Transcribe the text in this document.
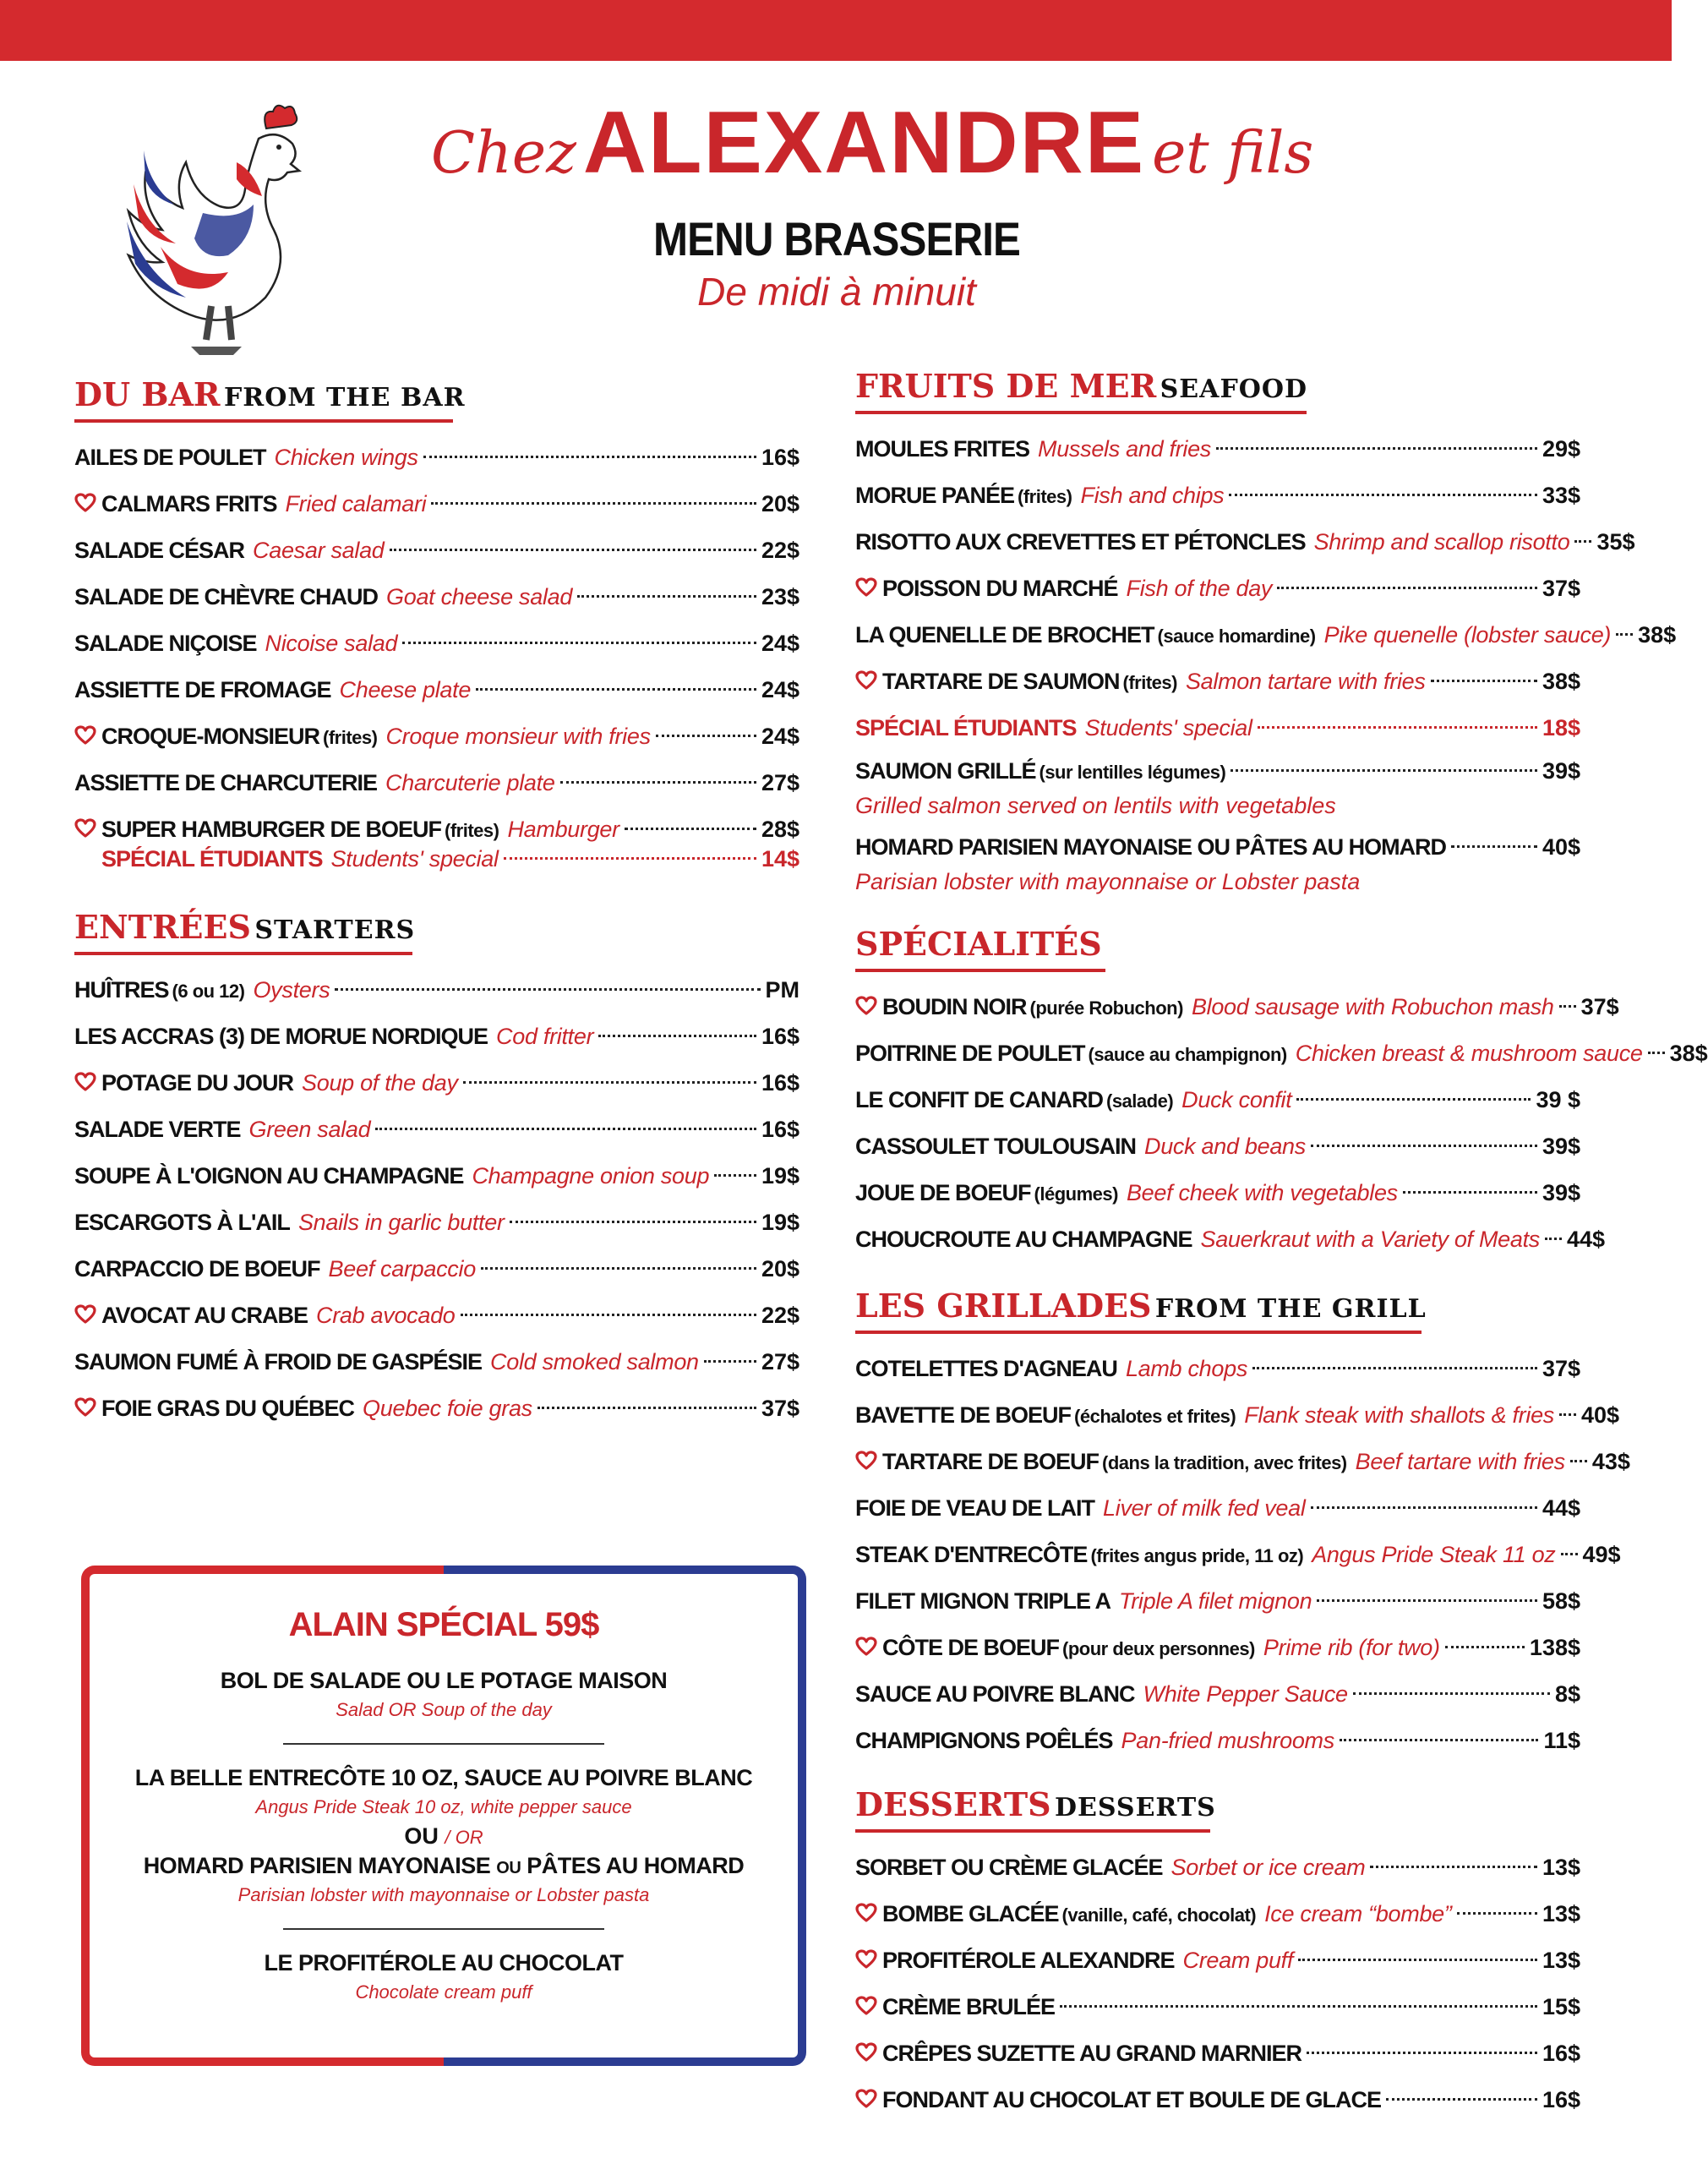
ChezALEXANDRE et fils
MENU BRASSERIE
De midi à minuit
DU BAR FROM THE BAR
AILES DE POULET Chicken wings	16$
CALMARS FRITS Fried calamari	20$
SALADE CÉSAR Caesar salad	22$
SALADE DE CHÈVRE CHAUD Goat cheese salad	23$
SALADE NIÇOISE Nicoise salad	24$
ASSIETTE DE FROMAGE Cheese plate	24$
CROQUE-MONSIEUR (frites) Croque monsieur with fries	24$
ASSIETTE DE CHARCUTERIE Charcuterie plate	27$
SUPER HAMBURGER DE BOEUF (frites) Hamburger	28$
SPÉCIAL ÉTUDIANTS Students' special	14$
ENTRÉES STARTERS
HUÎTRES (6 ou 12) Oysters	PM
LES ACCRAS (3) DE MORUE NORDIQUE Cod fritter	16$
POTAGE DU JOUR Soup of the day	16$
SALADE VERTE Green salad	16$
SOUPE À L'OIGNON AU CHAMPAGNE Champagne onion soup 19$
ESCARGOTS À L'AIL Snails in garlic butter	19$
CARPACCIO DE BOEUF Beef carpaccio	20$
AVOCAT AU CRABE Crab avocado	22$
SAUMON FUMÉ À FROID DE GASPÉSIE Cold smoked salmon	27$
FOIE GRAS DU QUÉBEC Quebec foie gras	37$
FRUITS DE MER SEAFOOD
MOULES FRITES Mussels and fries	29$
MORUE PANÉE (frites) Fish and chips	33$
RISOTTO AUX CREVETTES ET PÉTONCLES Shrimp and scallop risotto 35$
POISSON DU MARCHÉ Fish of the day	37$
LA QUENELLE DE BROCHET (sauce homardine) Pike quenelle (lobster sauce) 38$
TARTARE DE SAUMON (frites) Salmon tartare with fries	38$
SPÉCIAL ÉTUDIANTS Students' special	18$
SAUMON GRILLÉ (sur lentilles légumes)	39$
Grilled salmon served on lentils with vegetables
HOMARD PARISIEN MAYONAISE OU PÂTES AU HOMARD	40$
Parisian lobster with mayonnaise or Lobster pasta
SPÉCIALITÉS
BOUDIN NOIR (purée Robuchon) Blood sausage with Robuchon mash 37$
POITRINE DE POULET (sauce au champignon) Chicken breast & mushroom sauce 38$
LE CONFIT DE CANARD (salade) Duck confit	39 $
CASSOULET TOULOUSAIN Duck and beans	39$
JOUE DE BOEUF (légumes) Beef cheek with vegetables	39$
CHOUCROUTE AU CHAMPAGNE Sauerkraut with a Variety of Meats 44$
LES GRILLADES FROM THE GRILL
COTELETTES D'AGNEAU Lamb chops	37$
BAVETTE DE BOEUF (échalotes et frites) Flank steak with shallots & fries 40$
TARTARE DE BOEUF (dans la tradition, avec frites) Beef tartare with fries 43$
FOIE DE VEAU DE LAIT Liver of milk fed veal	44$
STEAK D'ENTRECÔTE (frites angus pride, 11 oz) Angus Pride Steak 11 oz 49$
FILET MIGNON TRIPLE A Triple A filet mignon	58$
CÔTE DE BOEUF (pour deux personnes) Prime rib (for two)	138$
SAUCE AU POIVRE BLANC White Pepper Sauce	8$
CHAMPIGNONS POÊLÉS Pan-fried mushrooms	11$
DESSERTS DESSERTS
SORBET OU CRÈME GLACÉE Sorbet or ice cream	13$
BOMBE GLACÉE (vanille, café, chocolat) Ice cream “bombe”	13$
PROFITÉROLE ALEXANDRE Cream puff	13$
CRÈME BRULÉE	15$
CRÊPES SUZETTE AU GRAND MARNIER	16$
FONDANT AU CHOCOLAT ET BOULE DE GLACE	16$
ALAIN SPÉCIAL 59$
BOL DE SALADE OU LE POTAGE MAISON
Salad OR Soup of the day
LA BELLE ENTRECÔTE 10 OZ, SAUCE AU POIVRE BLANC
Angus Pride Steak 10 oz, white pepper sauce
OU / OR
HOMARD PARISIEN MAYONAISE OU PÂTES AU HOMARD
Parisian lobster with mayonnaise or Lobster pasta
LE PROFITÉROLE AU CHOCOLAT
Chocolate cream puff
